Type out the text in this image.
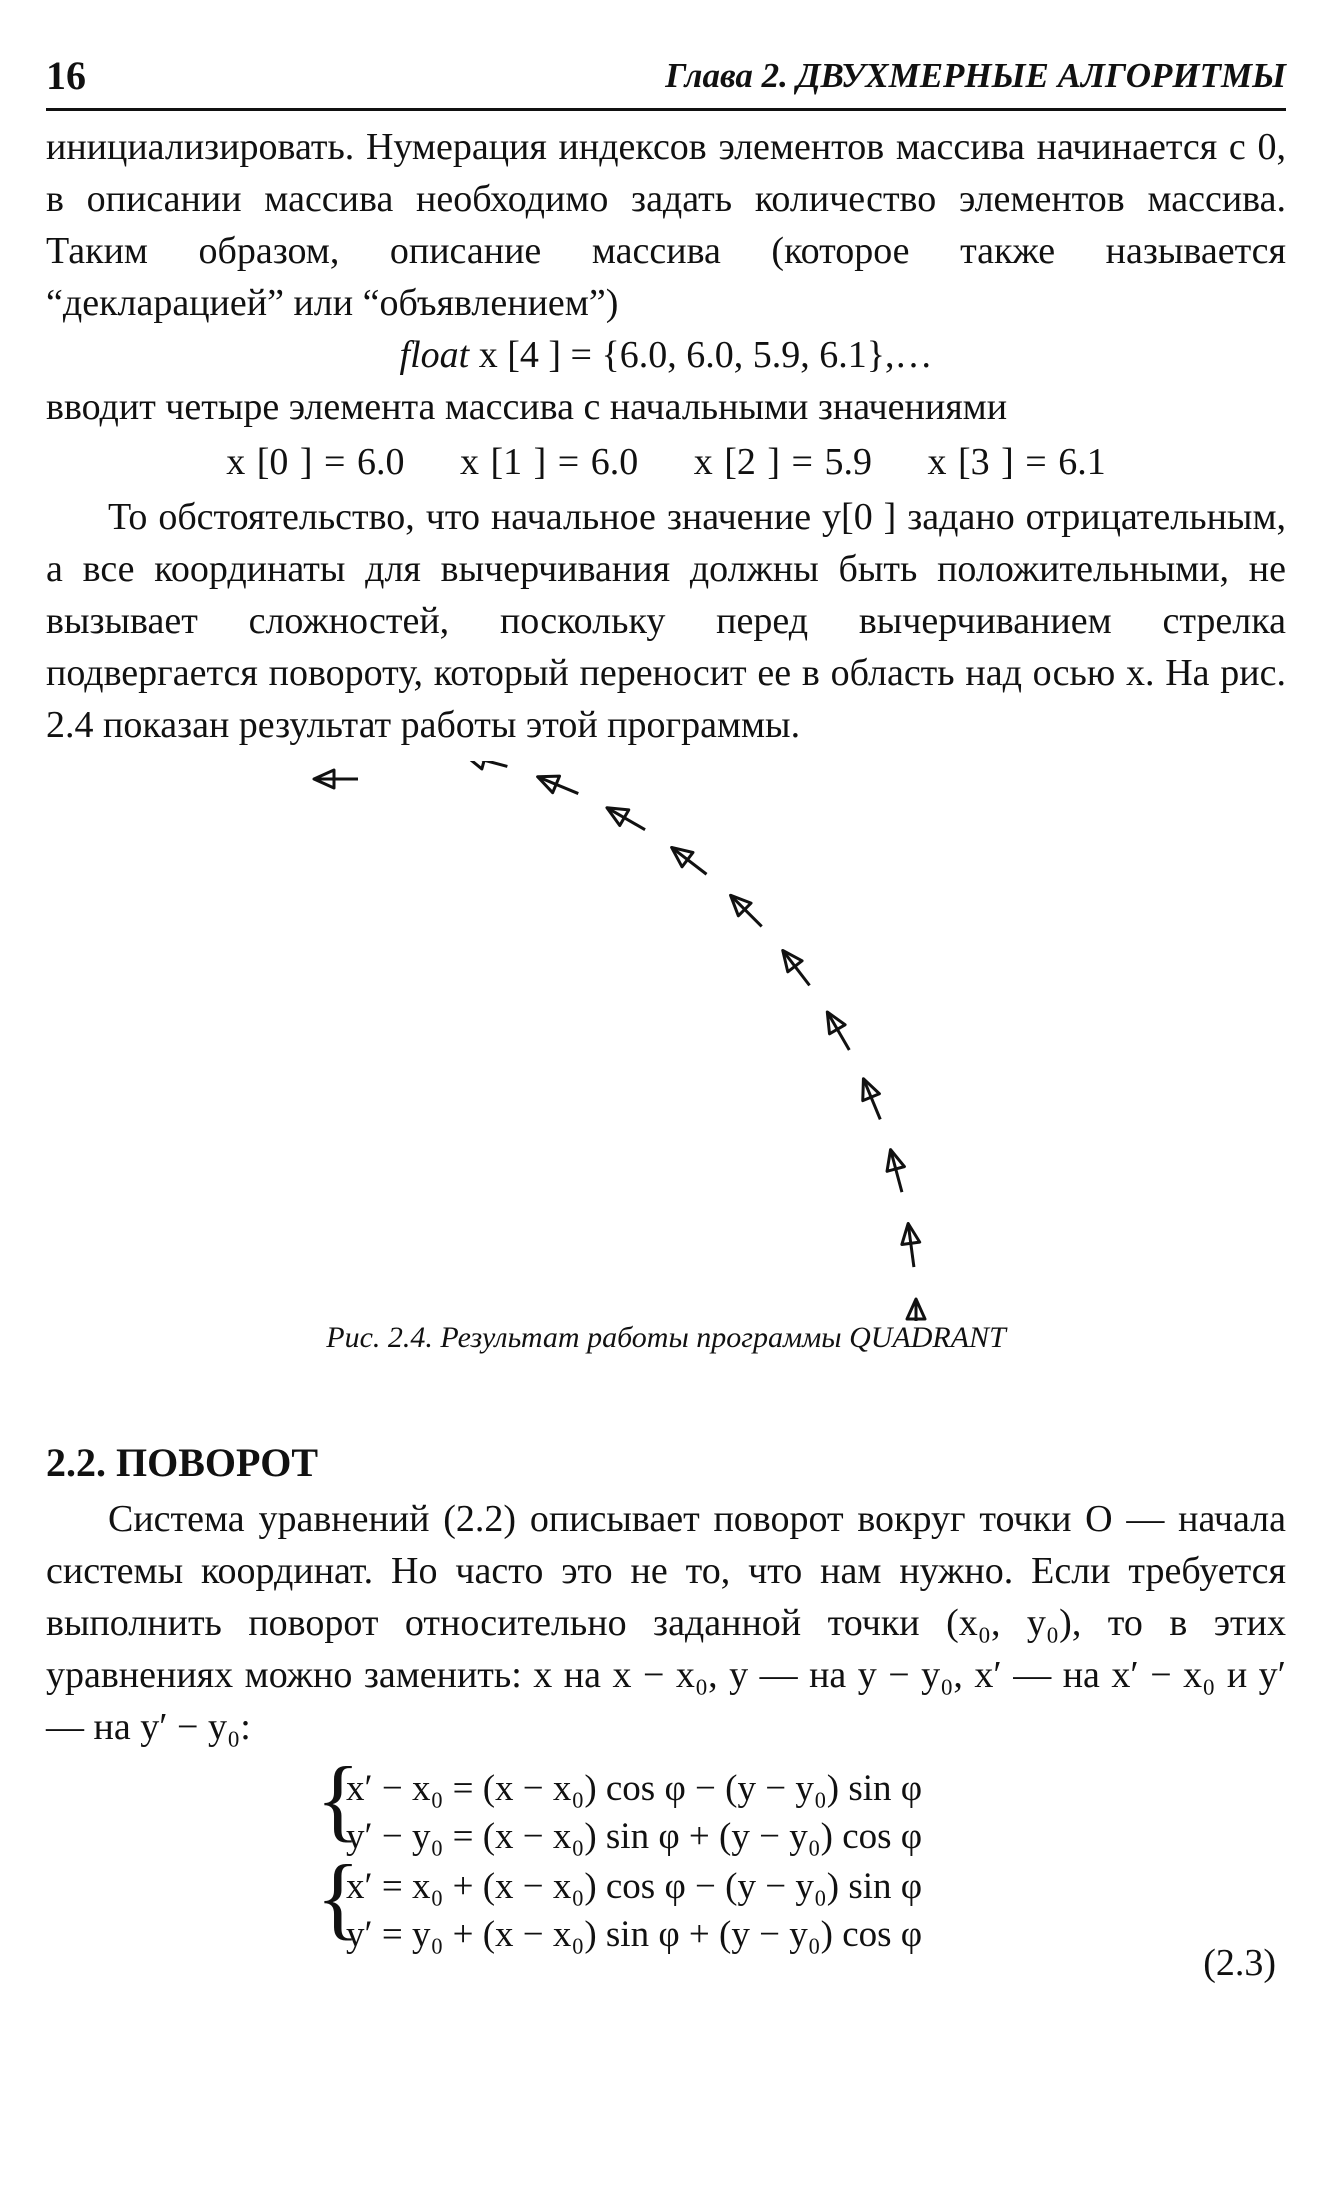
16	Глава 2. ДВУХМЕРНЫЕ АЛГОРИТМЫ

инициализировать. Нумерация индексов элементов массива начинается с 0, в описании массива необходимо задать количество элементов массива. Таким образом, описание массива (которое также называется “декларацией” или “объявлением”)

float x [4 ] = {6.0, 6.0, 5.9, 6.1},…

вводит четыре элемента массива с начальными значениями

x [0 ] = 6.0 x [1 ] = 6.0 x [2 ] = 5.9 x [3 ] = 6.1

То обстоятельство, что начальное значение y[0 ] задано отрицательным, а все координаты для вычерчивания должны быть положительными, не вызывает сложностей, поскольку перед вычерчиванием стрелка подвергается повороту, который переносит ее в область над осью x. На рис. 2.4 показан результат работы этой программы.

Рис. 2.4. Результат работы программы QUADRANT
2.2. ПОВОРОТ

Система уравнений (2.2) описывает поворот вокруг точки O — начала системы координат. Но часто это не то, что нам нужно. Если требуется выполнить поворот относительно заданной точки (x₀, y₀), то в этих уравнениях можно заменить: x на x − x₀, y — на y − y₀, x′ — на x′ − x₀ и y′ — на y′ − y₀:

{
x′ − x₀ = (x − x₀) cos φ − (y − y₀) sin φ
y′ − y₀ = (x − x₀) sin φ + (y − y₀) cos φ
{
x′ = x₀ + (x − x₀) cos φ − (y − y₀) sin φ
y′ = y₀ + (x − x₀) sin φ + (y − y₀) cos φ
(2.3)
